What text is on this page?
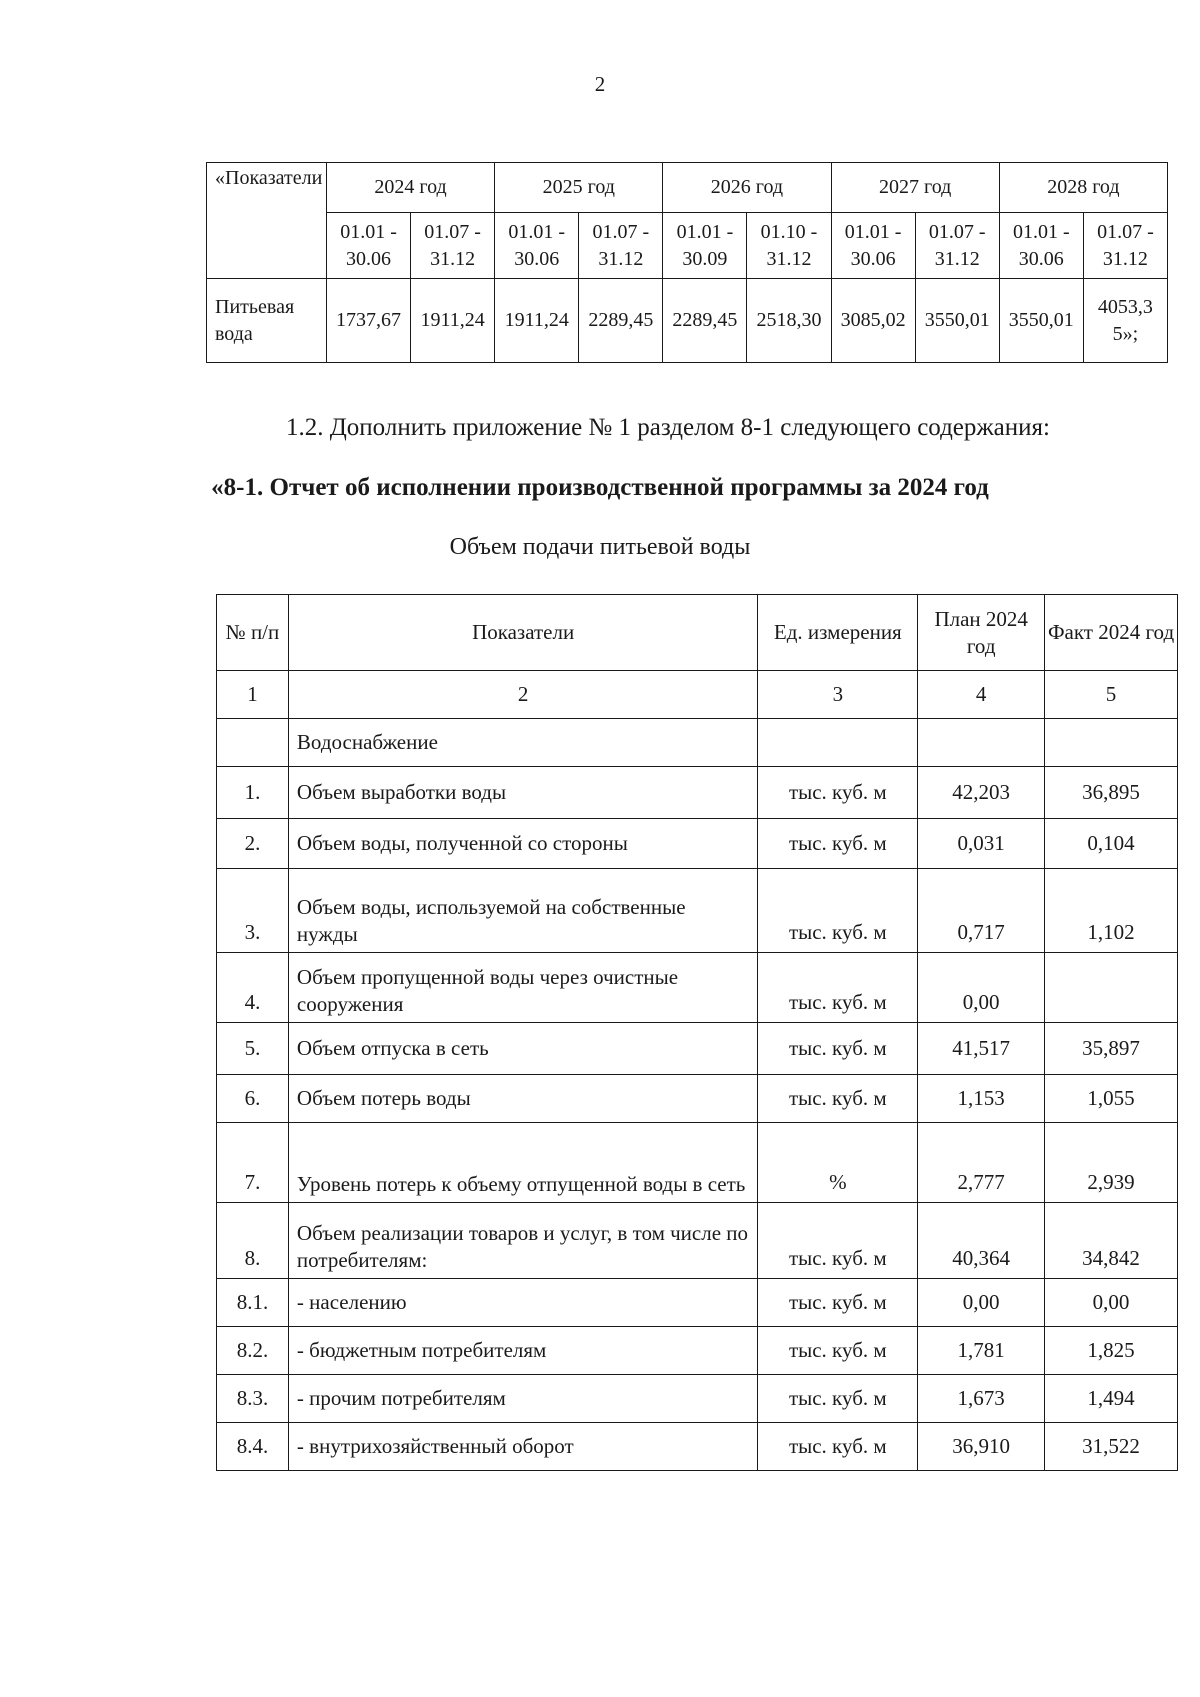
2
«Показатели	2024 год		2025 год		2026 год		2027 год		2028 год	
	01.01 - 30.06	01.07 - 31.12	01.01 - 30.06	01.07 - 31.12	01.01 - 30.09	01.10 - 31.12	01.01 - 30.06	01.07 - 31.12	01.01 - 30.06	01.07 - 31.12
Питьевая вода	1737,67	1911,24	1911,24	2289,45	2289,45	2518,30	3085,02	3550,01	3550,01	4053,35»;
1.2. Дополнить приложение № 1 разделом 8-1 следующего содержания:
«8-1. Отчет об исполнении производственной программы за 2024 год
Объем подачи питьевой воды
№ п/п	Показатели	Ед. измерения	План 2024 год	Факт 2024 год
1	2	3	4	5
	Водоснабжение			
1.	Объем выработки воды	тыс. куб. м	42,203	36,895
2.	Объем воды, полученной со стороны	тыс. куб. м	0,031	0,104
3.	Объем воды, используемой на собственные нужды	тыс. куб. м	0,717	1,102
4.	Объем пропущенной воды через очистные сооружения	тыс. куб. м	0,00	
5.	Объем отпуска в сеть	тыс. куб. м	41,517	35,897
6.	Объем потерь воды	тыс. куб. м	1,153	1,055
7.	Уровень потерь к объему отпущенной воды в сеть	%	2,777	2,939
8.	Объем реализации товаров и услуг, в том числе по потребителям:	тыс. куб. м	40,364	34,842
8.1.	- населению	тыс. куб. м	0,00	0,00
8.2.	- бюджетным потребителям	тыс. куб. м	1,781	1,825
8.3.	- прочим потребителям	тыс. куб. м	1,673	1,494
8.4.	- внутрихозяйственный оборот	тыс. куб. м	36,910	31,522
